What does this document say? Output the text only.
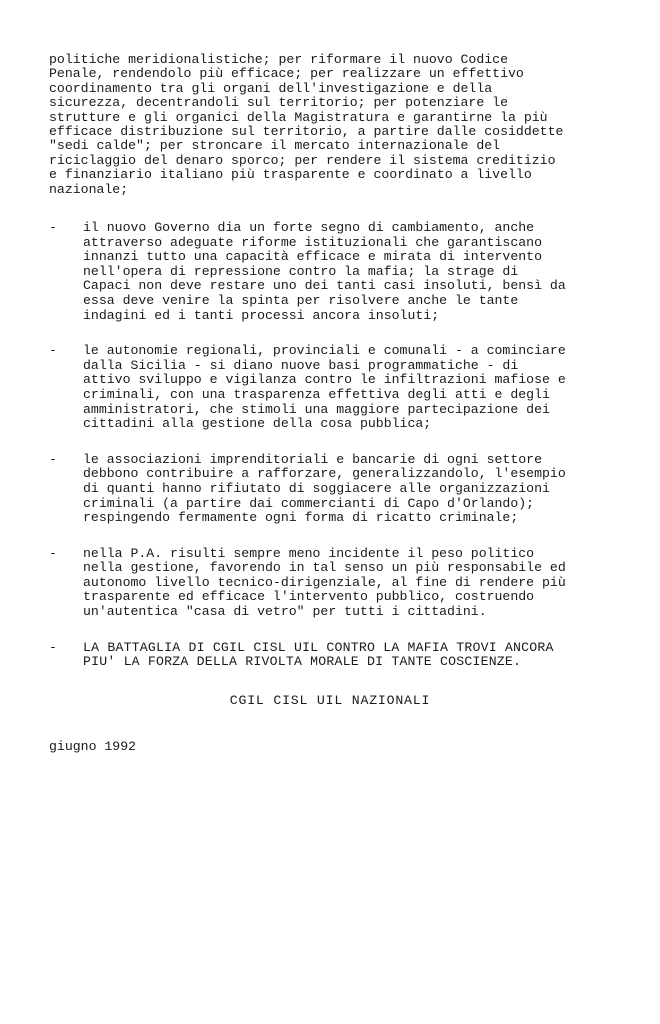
politiche meridionalistiche; per riformare il nuovo Codice
Penale, rendendolo più efficace; per realizzare un effettivo
coordinamento tra gli organi dell'investigazione e della
sicurezza, decentrandoli sul territorio; per potenziare le
strutture e gli organici della Magistratura e garantirne la più
efficace distribuzione sul territorio, a partire dalle cosiddette
"sedi calde"; per stroncare il mercato internazionale del
riciclaggio del denaro sporco; per rendere il sistema creditizio
e finanziario italiano più trasparente e coordinato a livello
nazionale;

-	il nuovo Governo dia un forte segno di cambiamento, anche
attraverso adeguate riforme istituzionali che garantiscano
innanzi tutto una capacità efficace e mirata di intervento
nell'opera di repressione contro la mafia; la strage di
Capaci non deve restare uno dei tanti casi insoluti, bensì da
essa deve venire la spinta per risolvere anche le tante
indagini ed i tanti processi ancora insoluti;

-	le autonomie regionali, provinciali e comunali - a cominciare
dalla Sicilia - si diano nuove basi programmatiche - di
attivo sviluppo e vigilanza contro le infiltrazioni mafiose e
criminali, con una trasparenza effettiva degli atti e degli
amministratori, che stimoli una maggiore partecipazione dei
cittadini alla gestione della cosa pubblica;

-	le associazioni imprenditoriali e bancarie di ogni settore
debbono contribuire a rafforzare, generalizzandolo, l'esempio
di quanti hanno rifiutato di soggiacere alle organizzazioni
criminali (a partire dai commercianti di Capo d'Orlando);
respingendo fermamente ogni forma di ricatto criminale;

-	nella P.A. risulti sempre meno incidente il peso politico
nella gestione, favorendo in tal senso un più responsabile ed
autonomo livello tecnico-dirigenziale, al fine di rendere più
trasparente ed efficace l'intervento pubblico, costruendo
un'autentica "casa di vetro" per tutti i cittadini.

-	LA BATTAGLIA DI CGIL CISL UIL CONTRO LA MAFIA TROVI ANCORA
PIU' LA FORZA DELLA RIVOLTA MORALE DI TANTE COSCIENZE.

CGIL CISL UIL NAZIONALI
giugno 1992
